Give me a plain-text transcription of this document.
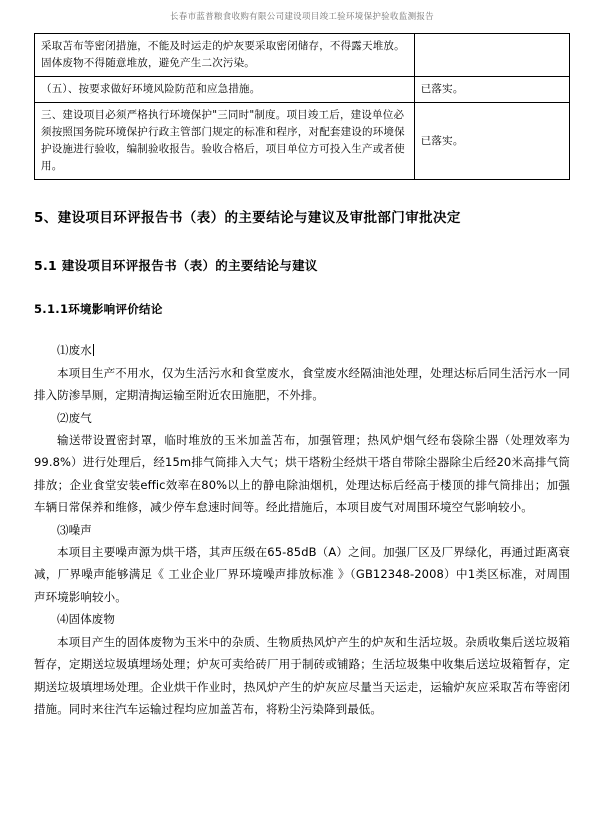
长春市蓝普粮食收购有限公司建设项目竣工验环境保护验收监测报告
采取苫布等密闭措施，不能及时运走的炉灰要采取密闭储存，不得露天堆放。固体废物不得随意堆放，避免产生二次污染。	
（五）、按要求做好环境风险防范和应急措施。	已落实。
三、建设项目必须严格执行环境保护"三同时"制度。项目竣工后，建设单位必须按照国务院环境保护行政主管部门规定的标准和程序，对配套建设的环境保护设施进行验收，编制验收报告。验收合格后，项目单位方可投入生产或者使用。	已落实。
5、建设项目环评报告书（表）的主要结论与建议及审批部门审批决定
5.1 建设项目环评报告书（表）的主要结论与建议
5.1.1环境影响评价结论

⑴废水

本项目生产不用水，仅为生活污水和食堂废水，食堂废水经隔油池处理，处理达标后同生活污水一同排入防渗旱厕，定期清掏运输至附近农田施肥，不外排。

⑵废气

输送带设置密封罩，临时堆放的玉米加盖苫布，加强管理；热风炉烟气经布袋除尘器（处理效率为99.8%）进行处理后，经15m排气筒排入大气；烘干塔粉尘经烘干塔自带除尘器除尘后经20米高排气筒排放；企业食堂安装effic效率在80%以上的静电除油烟机，处理达标后经高于楼顶的排气筒排出；加强车辆日常保养和维修，减少停车怠速时间等。经此措施后，本项目废气对周围环境空气影响较小。

⑶噪声

本项目主要噪声源为烘干塔，其声压级在65-85dB（A）之间。加强厂区及厂界绿化，再通过距离衰减，厂界噪声能够满足《 工业企业厂界环境噪声排放标准 》（GB12348-2008）中1类区标准，对周围声环境影响较小。

⑷固体废物

本项目产生的固体废物为玉米中的杂质、生物质热风炉产生的炉灰和生活垃圾。杂质收集后送垃圾箱暂存，定期送垃圾填埋场处理；炉灰可卖给砖厂用于制砖或铺路；生活垃圾集中收集后送垃圾箱暂存，定期送垃圾填埋场处理。企业烘干作业时，热风炉产生的炉灰应尽量当天运走，运输炉灰应采取苫布等密闭措施。同时来往汽车运输过程均应加盖苫布，将粉尘污染降到最低。
